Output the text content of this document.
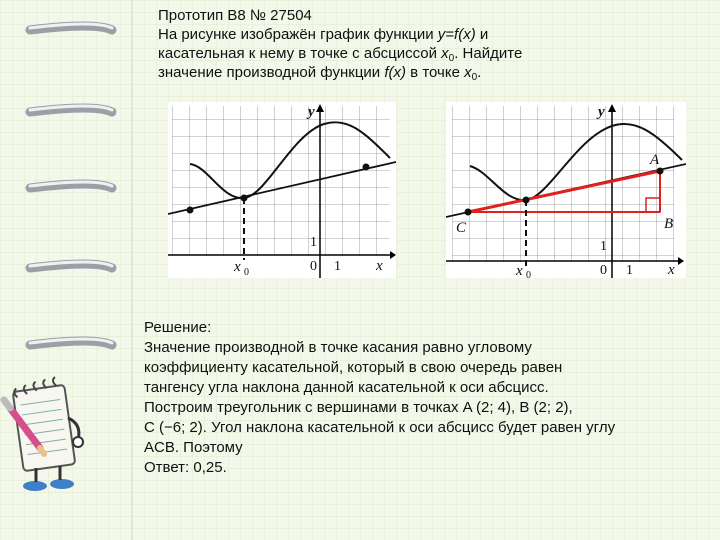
Прототип B8 № 27504
На рисунке изображён график функции y=f(x) и
касательная к нему в точке с абсциссой $x_0$. Найдите
значение производной функции f(x) в точке $x_0$.
y
x
1
0 1
x 0
y
x
1
0 1
x 0
A
B
C
Решение:
Значение производной в точке касания равно угловому
коэффициенту касательной, который в свою очередь равен
тангенсу угла наклона данной касательной к оси абсцисс.
Построим треугольник с вершинами в точках A (2; 4), B (2; 2),
C (−6; 2). Угол наклона касательной к оси абсцисс будет равен углу
ACB. Поэтому
Ответ: 0,25.
